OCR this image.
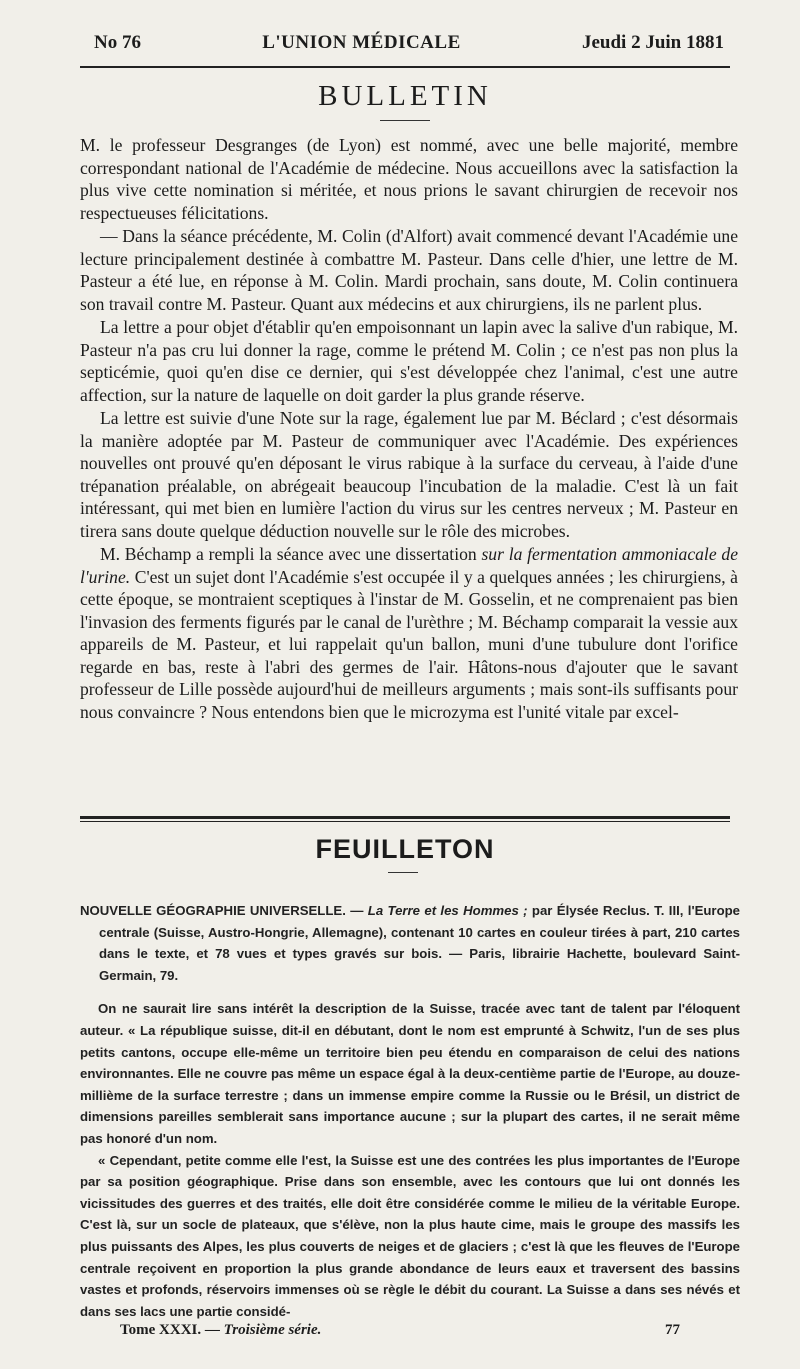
No 76	L'UNION MÉDICALE	Jeudi 2 Juin 1881
BULLETIN

M. le professeur Desgranges (de Lyon) est nommé, avec une belle majorité, membre correspondant national de l'Académie de médecine. Nous accueillons avec la satisfaction la plus vive cette nomination si méritée, et nous prions le savant chirurgien de recevoir nos respectueuses félicitations.

— Dans la séance précédente, M. Colin (d'Alfort) avait commencé devant l'Académie une lecture principalement destinée à combattre M. Pasteur. Dans celle d'hier, une lettre de M. Pasteur a été lue, en réponse à M. Colin. Mardi prochain, sans doute, M. Colin continuera son travail contre M. Pasteur. Quant aux médecins et aux chirurgiens, ils ne parlent plus.

La lettre a pour objet d'établir qu'en empoisonnant un lapin avec la salive d'un rabique, M. Pasteur n'a pas cru lui donner la rage, comme le prétend M. Colin ; ce n'est pas non plus la septicémie, quoi qu'en dise ce dernier, qui s'est développée chez l'animal, c'est une autre affection, sur la nature de laquelle on doit garder la plus grande réserve.

La lettre est suivie d'une Note sur la rage, également lue par M. Béclard ; c'est désormais la manière adoptée par M. Pasteur de communiquer avec l'Académie. Des expériences nouvelles ont prouvé qu'en déposant le virus rabique à la surface du cerveau, à l'aide d'une trépanation préalable, on abrégeait beaucoup l'incubation de la maladie. C'est là un fait intéressant, qui met bien en lumière l'action du virus sur les centres nerveux ; M. Pasteur en tirera sans doute quelque déduction nouvelle sur le rôle des microbes.

M. Béchamp a rempli la séance avec une dissertation sur la fermentation ammoniacale de l'urine. C'est un sujet dont l'Académie s'est occupée il y a quelques années ; les chirurgiens, à cette époque, se montraient sceptiques à l'instar de M. Gosselin, et ne comprenaient pas bien l'invasion des ferments figurés par le canal de l'urèthre ; M. Béchamp comparait la vessie aux appareils de M. Pasteur, et lui rappelait qu'un ballon, muni d'une tubulure dont l'orifice regarde en bas, reste à l'abri des germes de l'air. Hâtons-nous d'ajouter que le savant professeur de Lille possède aujourd'hui de meilleurs arguments ; mais sont-ils suffisants pour nous convaincre ? Nous entendons bien que le microzyma est l'unité vitale par excel-

FEUILLETON

NOUVELLE GÉOGRAPHIE UNIVERSELLE. — La Terre et les Hommes ; par Élysée Reclus. T. III, l'Europe centrale (Suisse, Austro-Hongrie, Allemagne), contenant 10 cartes en couleur tirées à part, 210 cartes dans le texte, et 78 vues et types gravés sur bois. — Paris, librairie Hachette, boulevard Saint-Germain, 79.

On ne saurait lire sans intérêt la description de la Suisse, tracée avec tant de talent par l'éloquent auteur. « La république suisse, dit-il en débutant, dont le nom est emprunté à Schwitz, l'un de ses plus petits cantons, occupe elle-même un territoire bien peu étendu en comparaison de celui des nations environnantes. Elle ne couvre pas même un espace égal à la deux-centième partie de l'Europe, au douze-millième de la surface terrestre ; dans un immense empire comme la Russie ou le Brésil, un district de dimensions pareilles semblerait sans importance aucune ; sur la plupart des cartes, il ne serait même pas honoré d'un nom.

« Cependant, petite comme elle l'est, la Suisse est une des contrées les plus importantes de l'Europe par sa position géographique. Prise dans son ensemble, avec les contours que lui ont donnés les vicissitudes des guerres et des traités, elle doit être considérée comme le milieu de la véritable Europe. C'est là, sur un socle de plateaux, que s'élève, non la plus haute cime, mais le groupe des massifs les plus puissants des Alpes, les plus couverts de neiges et de glaciers ; c'est là que les fleuves de l'Europe centrale reçoivent en proportion la plus grande abondance de leurs eaux et traversent des bassins vastes et profonds, réservoirs immenses où se règle le débit du courant. La Suisse a dans ses névés et dans ses lacs une partie considé-

Tome XXXI. — Troisième série.	77
